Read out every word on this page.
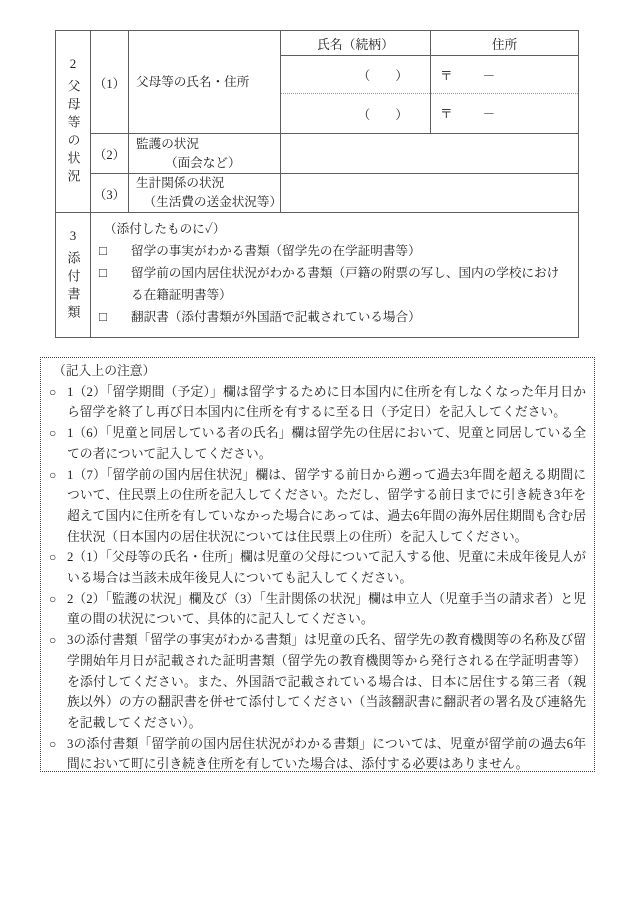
2
父母等の状況	（1）	父母等の氏名・住所	氏名（続柄）	住所
			（　　）	〒 －
			（　　）	〒 －
	（2）	監護の状況
（面会など）		

	（3）	生計関係の状況
（生活費の送金状況等）		

3
添付書類

（添付したものに✓）
□	留学の事実がわかる書類（留学先の在学証明書等）
□	留学前の国内居住状況がわかる書類（戸籍の附票の写し、国内の学校における在籍証明書等）
□	翻訳書（添付書類が外国語で記載されている場合）
（記入上の注意）
○ 1（2）「留学期間（予定）」欄は留学するために日本国内に住所を有しなくなった年月日から留学を終了し再び日本国内に住所を有するに至る日（予定日）を記入してください。
○ 1（6）「児童と同居している者の氏名」欄は留学先の住居において、児童と同居している全ての者について記入してください。
○ 1（7）「留学前の国内居住状況」欄は、留学する前日から遡って過去3年間を超える期間について、住民票上の住所を記入してください。ただし、留学する前日までに引き続き3年を超えて国内に住所を有していなかった場合にあっては、過去6年間の海外居住期間も含む居住状況（日本国内の居住状況については住民票上の住所）を記入してください。
○ 2（1）「父母等の氏名・住所」欄は児童の父母について記入する他、児童に未成年後見人がいる場合は当該未成年後見人についても記入してください。
○ 2（2）「監護の状況」欄及び（3）「生計関係の状況」欄は申立人（児童手当の請求者）と児童の間の状況について、具体的に記入してください。
○ 3の添付書類「留学の事実がわかる書類」は児童の氏名、留学先の教育機関等の名称及び留学開始年月日が記載された証明書類（留学先の教育機関等から発行される在学証明書等）を添付してください。また、外国語で記載されている場合は、日本に居住する第三者（親族以外）の方の翻訳書を併せて添付してください（当該翻訳書に翻訳者の署名及び連絡先を記載してください）。
○ 3の添付書類「留学前の国内居住状況がわかる書類」については、児童が留学前の過去6年間において町に引き続き住所を有していた場合は、添付する必要はありません。
